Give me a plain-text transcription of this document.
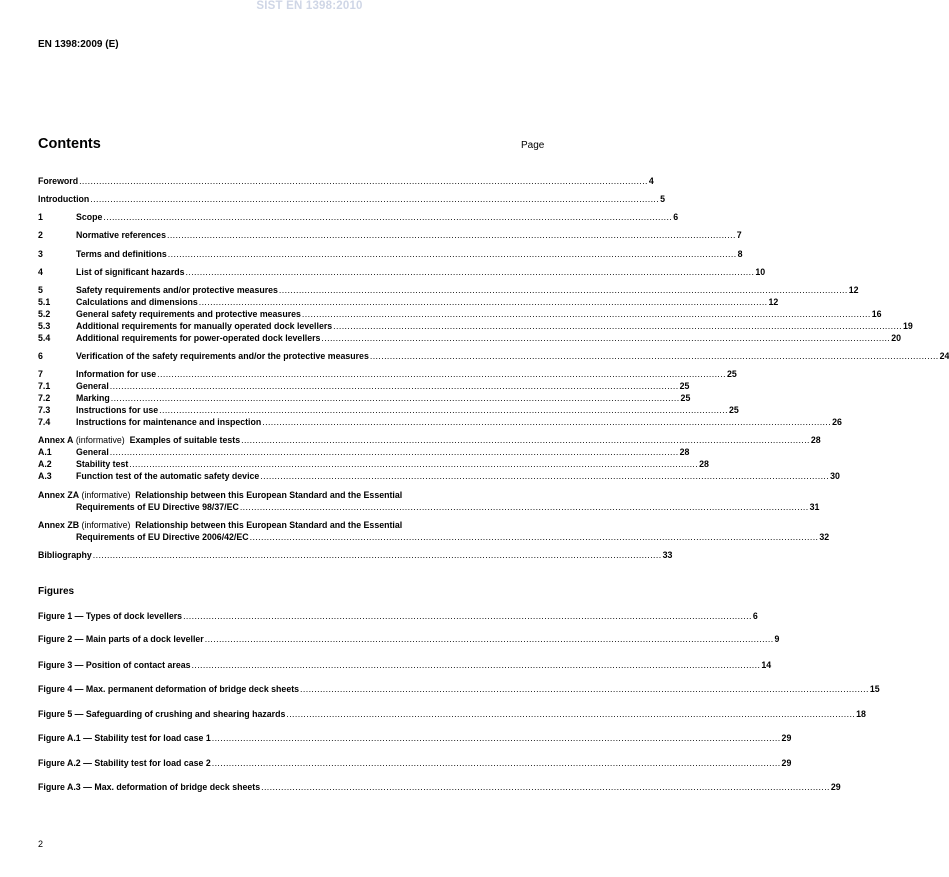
SIST EN 1398:2010
EN 1398:2009 (E)
Contents	Page
Foreword ........................................................................................................................................................................................................ 4
Introduction ........................................................................................................................................................................................................ 5
1	Scope ........................................................................................................................................................................................................ 6
2	Normative references ........................................................................................................................................................................................................ 7
3	Terms and definitions ........................................................................................................................................................................................................ 8
4	List of significant hazards ........................................................................................................................................................................................................ 10
5	Safety requirements and/or protective measures ........................................................................................................................................................................................................ 12
5.1	Calculations and dimensions ........................................................................................................................................................................................................ 12
5.2	General safety requirements and protective measures ........................................................................................................................................................................................................ 16
5.3	Additional requirements for manually operated dock levellers ........................................................................................................................................................................................................ 19
5.4	Additional requirements for power-operated dock levellers ........................................................................................................................................................................................................ 20
6	Verification of the safety requirements and/or the protective measures ........................................................................................................................................................................................................ 24
7	Information for use ........................................................................................................................................................................................................ 25
7.1	General ........................................................................................................................................................................................................ 25
7.2	Marking ........................................................................................................................................................................................................ 25
7.3	Instructions for use ........................................................................................................................................................................................................ 25
7.4	Instructions for maintenance and inspection ........................................................................................................................................................................................................ 26
Annex A (informative) Examples of suitable tests ........................................................................................................................................................................................................ 28
A.1	General ........................................................................................................................................................................................................ 28
A.2	Stability test ........................................................................................................................................................................................................ 28
A.3	Function test of the automatic safety device ........................................................................................................................................................................................................ 30
Annex ZA (informative) Relationship between this European Standard and the Essential
Requirements of EU Directive 98/37/EC ........................................................................................................................................................................................................ 31
Annex ZB (informative) Relationship between this European Standard and the Essential
Requirements of EU Directive 2006/42/EC ........................................................................................................................................................................................................ 32
Bibliography ........................................................................................................................................................................................................ 33
Figures
Figure 1 — Types of dock levellers ........................................................................................................................................................................................................ 6
Figure 2 — Main parts of a dock leveller ........................................................................................................................................................................................................ 9
Figure 3 — Position of contact areas ........................................................................................................................................................................................................ 14
Figure 4 — Max. permanent deformation of bridge deck sheets ........................................................................................................................................................................................................ 15
Figure 5 — Safeguarding of crushing and shearing hazards ........................................................................................................................................................................................................ 18
Figure A.1 — Stability test for load case 1 ........................................................................................................................................................................................................ 29
Figure A.2 — Stability test for load case 2 ........................................................................................................................................................................................................ 29
Figure A.3 — Max. deformation of bridge deck sheets ........................................................................................................................................................................................................ 29
2
